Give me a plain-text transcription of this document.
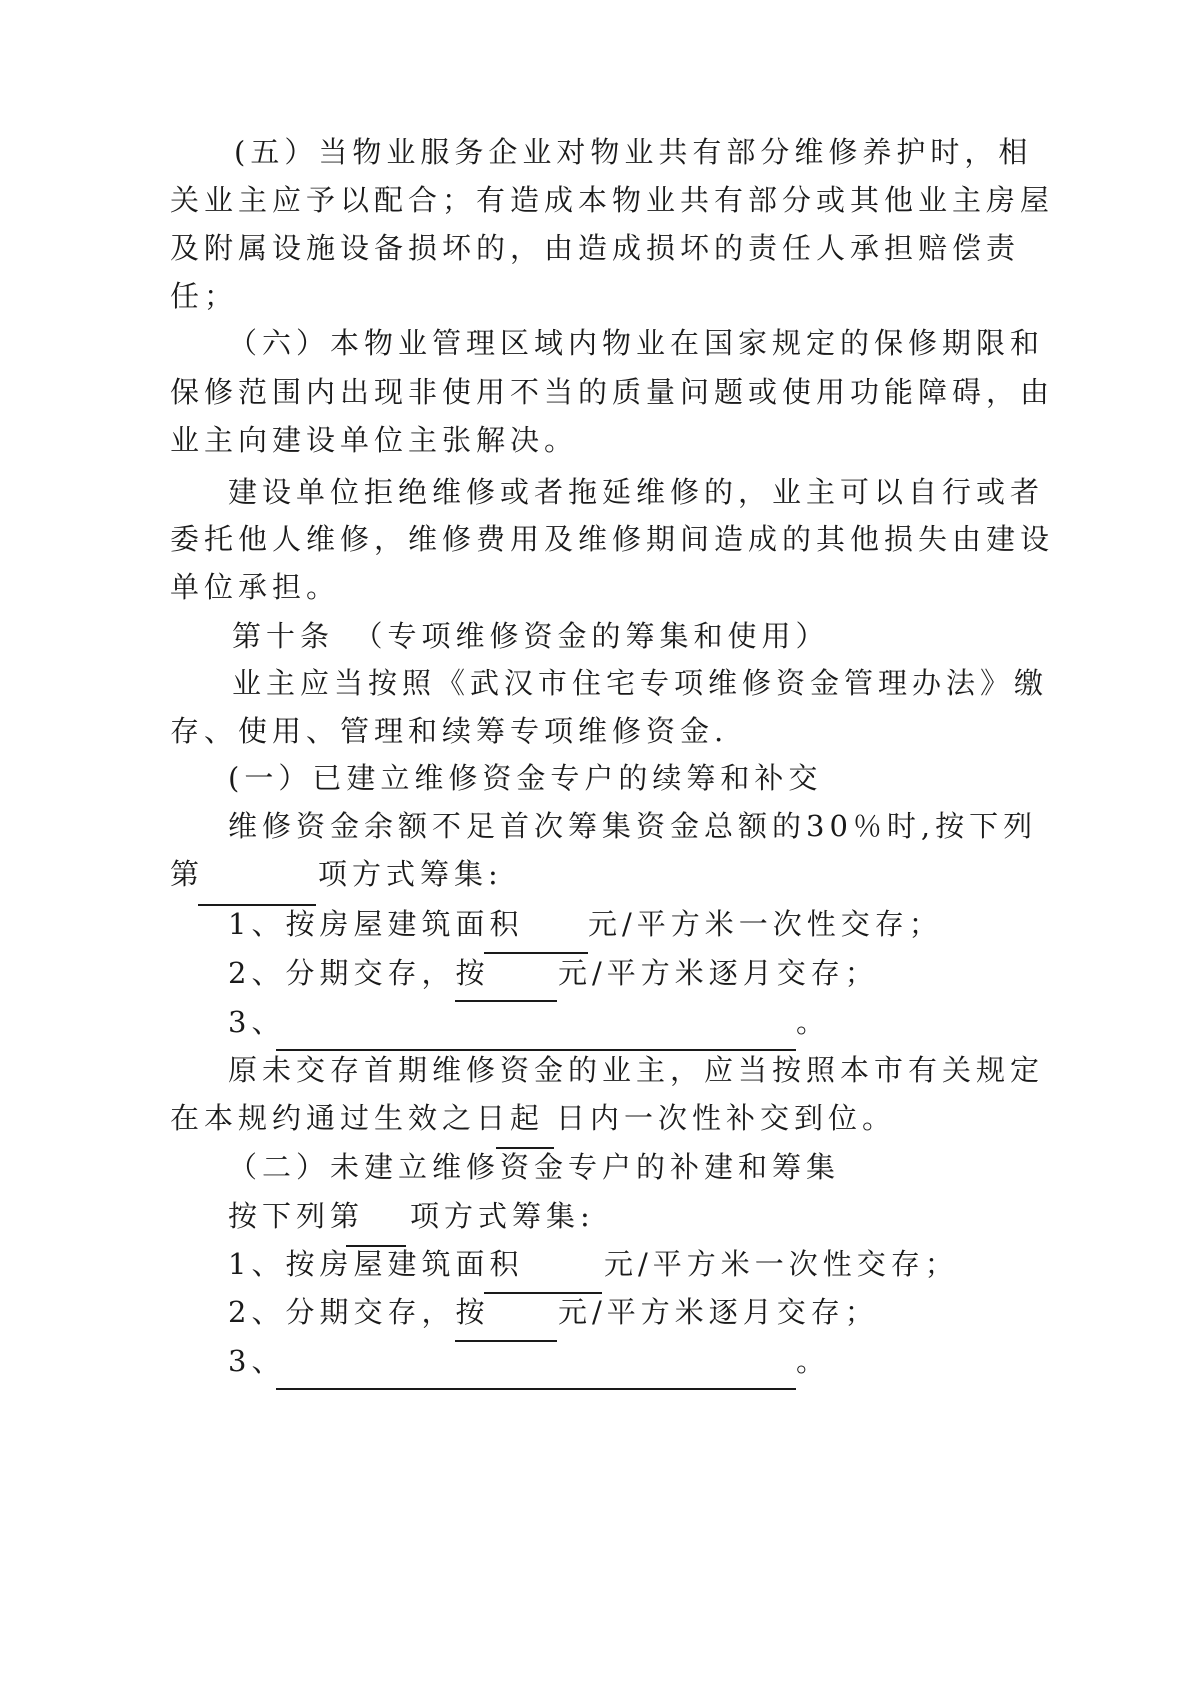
(五）当物业服务企业对物业共有部分维修养护时，相
关业主应予以配合；有造成本物业共有部分或其他业主房屋
及附属设施设备损坏的，由造成损坏的责任人承担赔偿责
任；
（六）本物业管理区域内物业在国家规定的保修期限和
保修范围内出现非使用不当的质量问题或使用功能障碍，由
业主向建设单位主张解决。
建设单位拒绝维修或者拖延维修的，业主可以自行或者
委托他人维修，维修费用及维修期间造成的其他损失由建设
单位承担。
第十条　（专项维修资金的筹集和使用）
业主应当按照《武汉市住宅专项维修资金管理办法》缴
存、使用、管理和续筹专项维修资金.
(一）已建立维修资金专户的续筹和补交
维修资金余额不足首次筹集资金总额的30％时,按下列
第	项方式筹集:
1、按房屋建筑面积 元/平方米一次性交存；
2、分期交存，按 元/平方米逐月交存；
3、	。
原未交存首期维修资金的业主，应当按照本市有关规定
在本规约通过生效之日起 日内一次性补交到位。
（二）未建立维修资金专户的补建和筹集
按下列第 项方式筹集:
1、按房屋建筑面积	元/平方米一次性交存；
2、分期交存，按 元/平方米逐月交存；
3、	。
